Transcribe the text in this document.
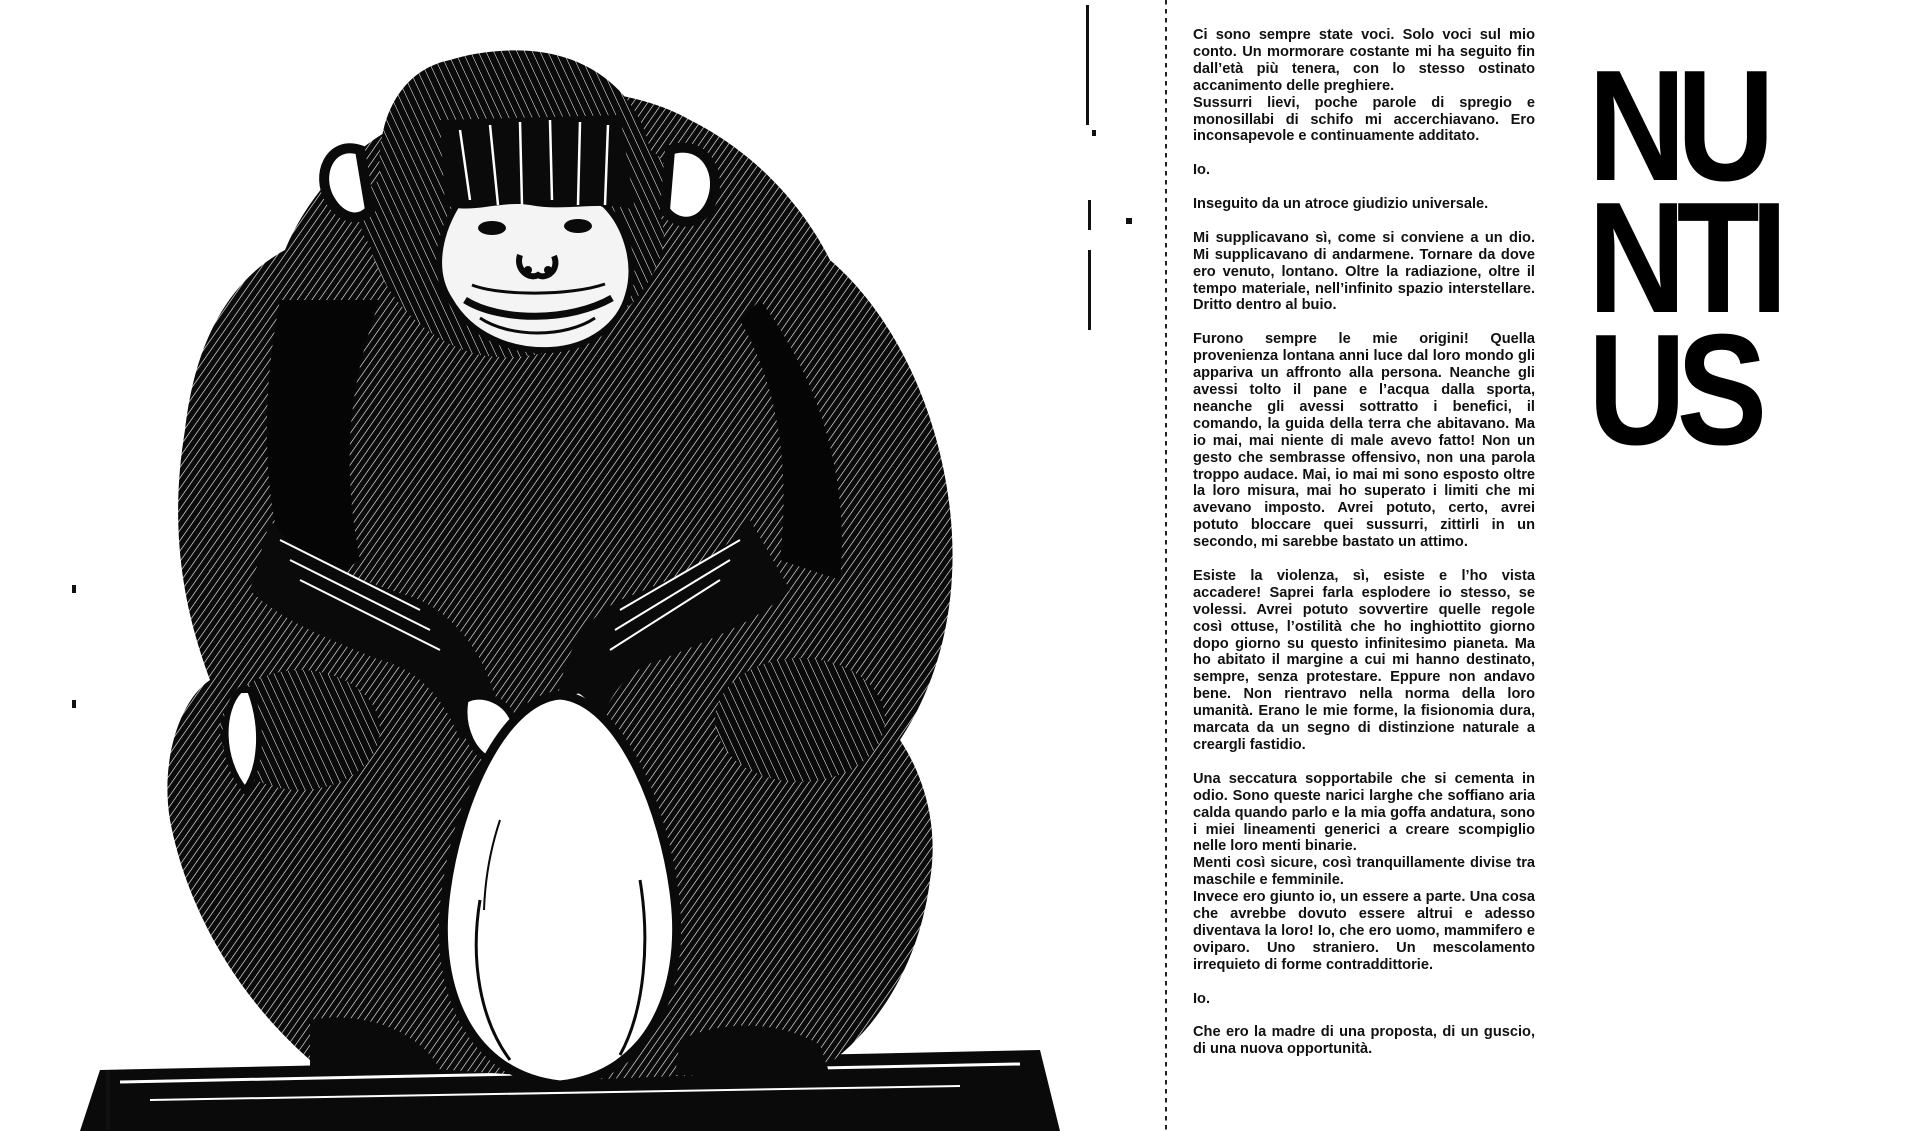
Ci sono sempre state voci. Solo voci sul mio conto. Un mormorare costante mi ha seguito fin dall’età più tenera, con lo stesso ostinato accanimento delle preghiere.

Sussurri lievi, poche parole di spregio e monosillabi di schifo mi accerchiavano. Ero inconsapevole e continuamente additato.

Io.

Inseguito da un atroce giudizio universale.

Mi supplicavano sì, come si conviene a un dio. Mi supplicavano di andarmene. Tornare da dove ero venuto, lontano. Oltre la radiazione, oltre il tempo materiale, nell’infinito spazio interstellare. Dritto dentro al buio.

Furono sempre le mie origini! Quella provenienza lontana anni luce dal loro mondo gli appariva un affronto alla persona. Neanche gli avessi tolto il pane e l’acqua dalla sporta, neanche gli avessi sottratto i benefici, il comando, la guida della terra che abitavano. Ma io mai, mai niente di male avevo fatto! Non un gesto che sembrasse offensivo, non una parola troppo audace. Mai, io mai mi sono esposto oltre la loro misura, mai ho superato i limiti che mi avevano imposto. Avrei potuto, certo, avrei potuto bloccare quei sussurri, zittirli in un secondo, mi sarebbe bastato un attimo.

Esiste la violenza, sì, esiste e l’ho vista accadere! Saprei farla esplodere io stesso, se volessi. Avrei potuto sovvertire quelle regole così ottuse, l’ostilità che ho inghiottito giorno dopo giorno su questo infinitesimo pianeta. Ma ho abitato il margine a cui mi hanno destinato, sempre, senza protestare. Eppure non andavo bene. Non rientravo nella norma della loro umanità. Erano le mie forme, la fisionomia dura, marcata da un segno di distinzione naturale a creargli fastidio.

Una seccatura sopportabile che si cementa in odio. Sono queste narici larghe che soffiano aria calda quando parlo e la mia goffa andatura, sono i miei lineamenti generici a creare scompiglio nelle loro menti binarie.

Menti così sicure, così tranquillamente divise tra maschile e femminile.

Invece ero giunto io, un essere a parte. Una cosa che avrebbe dovuto essere altrui e adesso diventava la loro! Io, che ero uomo, mammifero e oviparo. Uno straniero. Un mescolamento irrequieto di forme contraddittorie.

Io.

Che ero la madre di una proposta, di un guscio, di una nuova opportunità.

NU
NTI
US
